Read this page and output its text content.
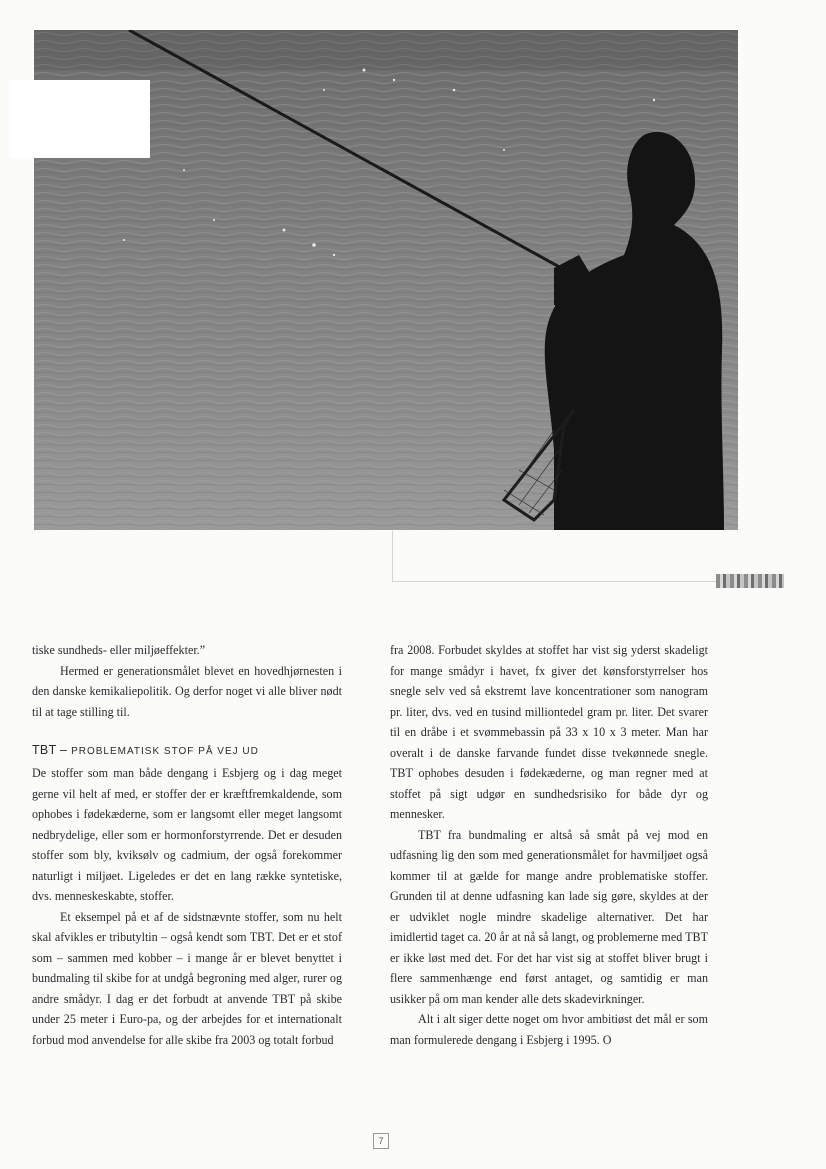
tiske sundheds- eller miljøeffekter.”

Hermed er generationsmålet blevet en hovedhjørnesten i den danske kemikaliepolitik. Og derfor noget vi alle bliver nødt til at tage stilling til.

TBT – PROBLEMATISK STOF PÅ VEJ UD

De stoffer som man både dengang i Esbjerg og i dag meget gerne vil helt af med, er stoffer der er kræftfremkaldende, som ophobes i fødekæderne, som er langsomt eller meget langsomt nedbrydelige, eller som er hormonforstyrrende. Det er desuden stoffer som bly, kviksølv og cadmium, der også forekommer naturligt i miljøet. Ligeledes er det en lang række syntetiske, dvs. menneskeskabte, stoffer.

Et eksempel på et af de sidstnævnte stoffer, som nu helt skal afvikles er tributyltin – også kendt som TBT. Det er et stof som – sammen med kobber – i mange år er blevet benyttet i bundmaling til skibe for at undgå begroning med alger, rurer og andre smådyr. I dag er det forbudt at anvende TBT på skibe under 25 meter i Euro-pa, og der arbejdes for et internationalt forbud mod anvendelse for alle skibe fra 2003 og totalt forbud

fra 2008. Forbudet skyldes at stoffet har vist sig yderst skadeligt for mange smådyr i havet, fx giver det kønsforstyrrelser hos snegle selv ved så ekstremt lave koncentrationer som nanogram pr. liter, dvs. ved en tusind milliontedel gram pr. liter. Det svarer til en dråbe i et svømmebassin på 33 x 10 x 3 meter. Man har overalt i de danske farvande fundet disse tvekønnede snegle. TBT ophobes desuden i fødekæderne, og man regner med at stoffet på sigt udgør en sundhedsrisiko for både dyr og mennesker.

TBT fra bundmaling er altså så småt på vej mod en udfasning lig den som med generationsmålet for havmiljøet også kommer til at gælde for mange andre problematiske stoffer. Grunden til at denne udfasning kan lade sig gøre, skyldes at der er udviklet nogle mindre skadelige alternativer. Det har imidlertid taget ca. 20 år at nå så langt, og problemerne med TBT er ikke løst med det. For det har vist sig at stoffet bliver brugt i flere sammenhænge end først antaget, og samtidig er man usikker på om man kender alle dets skadevirkninger.

Alt i alt siger dette noget om hvor ambitiøst det mål er som man formulerede dengang i Esbjerg i 1995. O

7
